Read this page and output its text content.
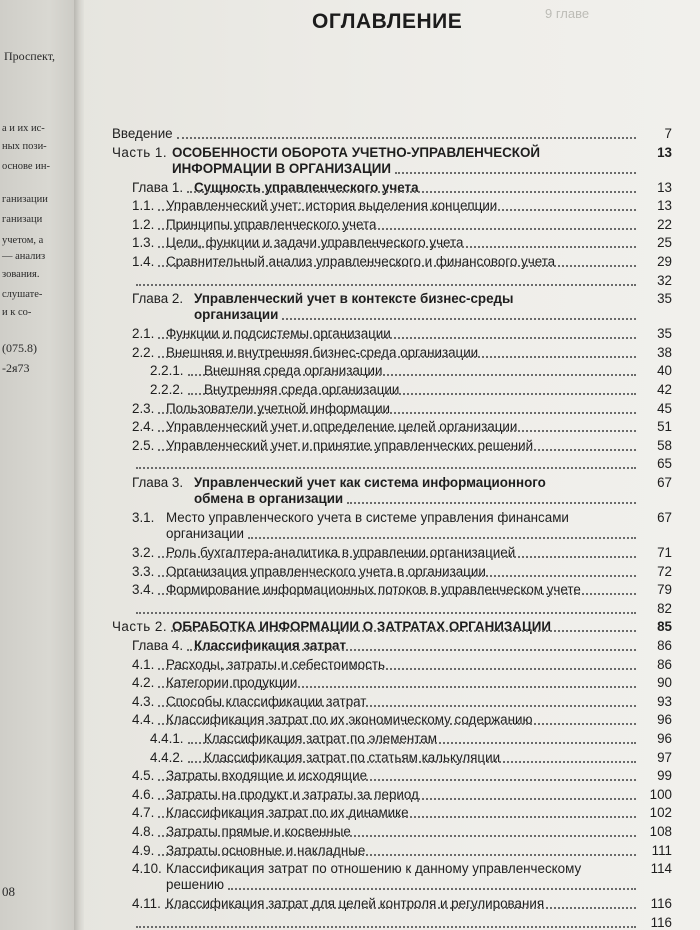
Проспект,
а и их ис-
ных пози-
основе ин-
ганизации
ганизаци
учетом, а
— анализ
зования.
слушате-
и к со-
(075.8)
-2я73
08
9 главе
ОГЛАВЛЕНИЕ
Введение	7
Часть 1. ОСОБЕННОСТИ ОБОРОТА УЧЕТНО-УПРАВЛЕНЧЕСКОЙ
ИНФОРМАЦИИ В ОРГАНИЗАЦИИ
13
Глава 1. Сущность управленческого учета	13
1.1. Управленческий учет: история выделения концепции	13
1.2. Принципы управленческого учета	22
1.3. Цели, функции и задачи управленческого учета	25
1.4. Сравнительный анализ управленческого и финансового учета	29
32
Глава 2. Управленческий учет в контексте бизнес-среды
организации
35
2.1. Функции и подсистемы организации	35
2.2. Внешняя и внутренняя бизнес-среда организации	38
2.2.1. Внешняя среда организации	40
2.2.2. Внутренняя среда организации	42
2.3. Пользователи учетной информации	45
2.4. Управленческий учет и определение целей организации	51
2.5. Управленческий учет и принятие управленческих решений	58
65
Глава 3. Управленческий учет как система информационного
обмена в организации
67
3.1. Место управленческого учета в системе управления финансами
организации
67
3.2. Роль бухгалтера-аналитика в управлении организацией	71
3.3. Организация управленческого учета в организации	72
3.4. Формирование информационных потоков в управленческом учете	79
82
Часть 2. ОБРАБОТКА ИНФОРМАЦИИ О ЗАТРАТАХ ОРГАНИЗАЦИИ	85
Глава 4. Классификация затрат	86
4.1. Расходы, затраты и себестоимость	86
4.2. Категории продукции	90
4.3. Способы классификации затрат	93
4.4. Классификация затрат по их экономическому содержанию	96
4.4.1. Классификация затрат по элементам	96
4.4.2. Классификация затрат по статьям калькуляции	97
4.5. Затраты входящие и исходящие	99
4.6. Затраты на продукт и затраты за период	100
4.7. Классификация затрат по их динамике	102
4.8. Затраты прямые и косвенные	108
4.9. Затраты основные и накладные	111
4.10. Классификация затрат по отношению к данному управленческому
решению
114
4.11. Классификация затрат для целей контроля и регулирования	116
116
